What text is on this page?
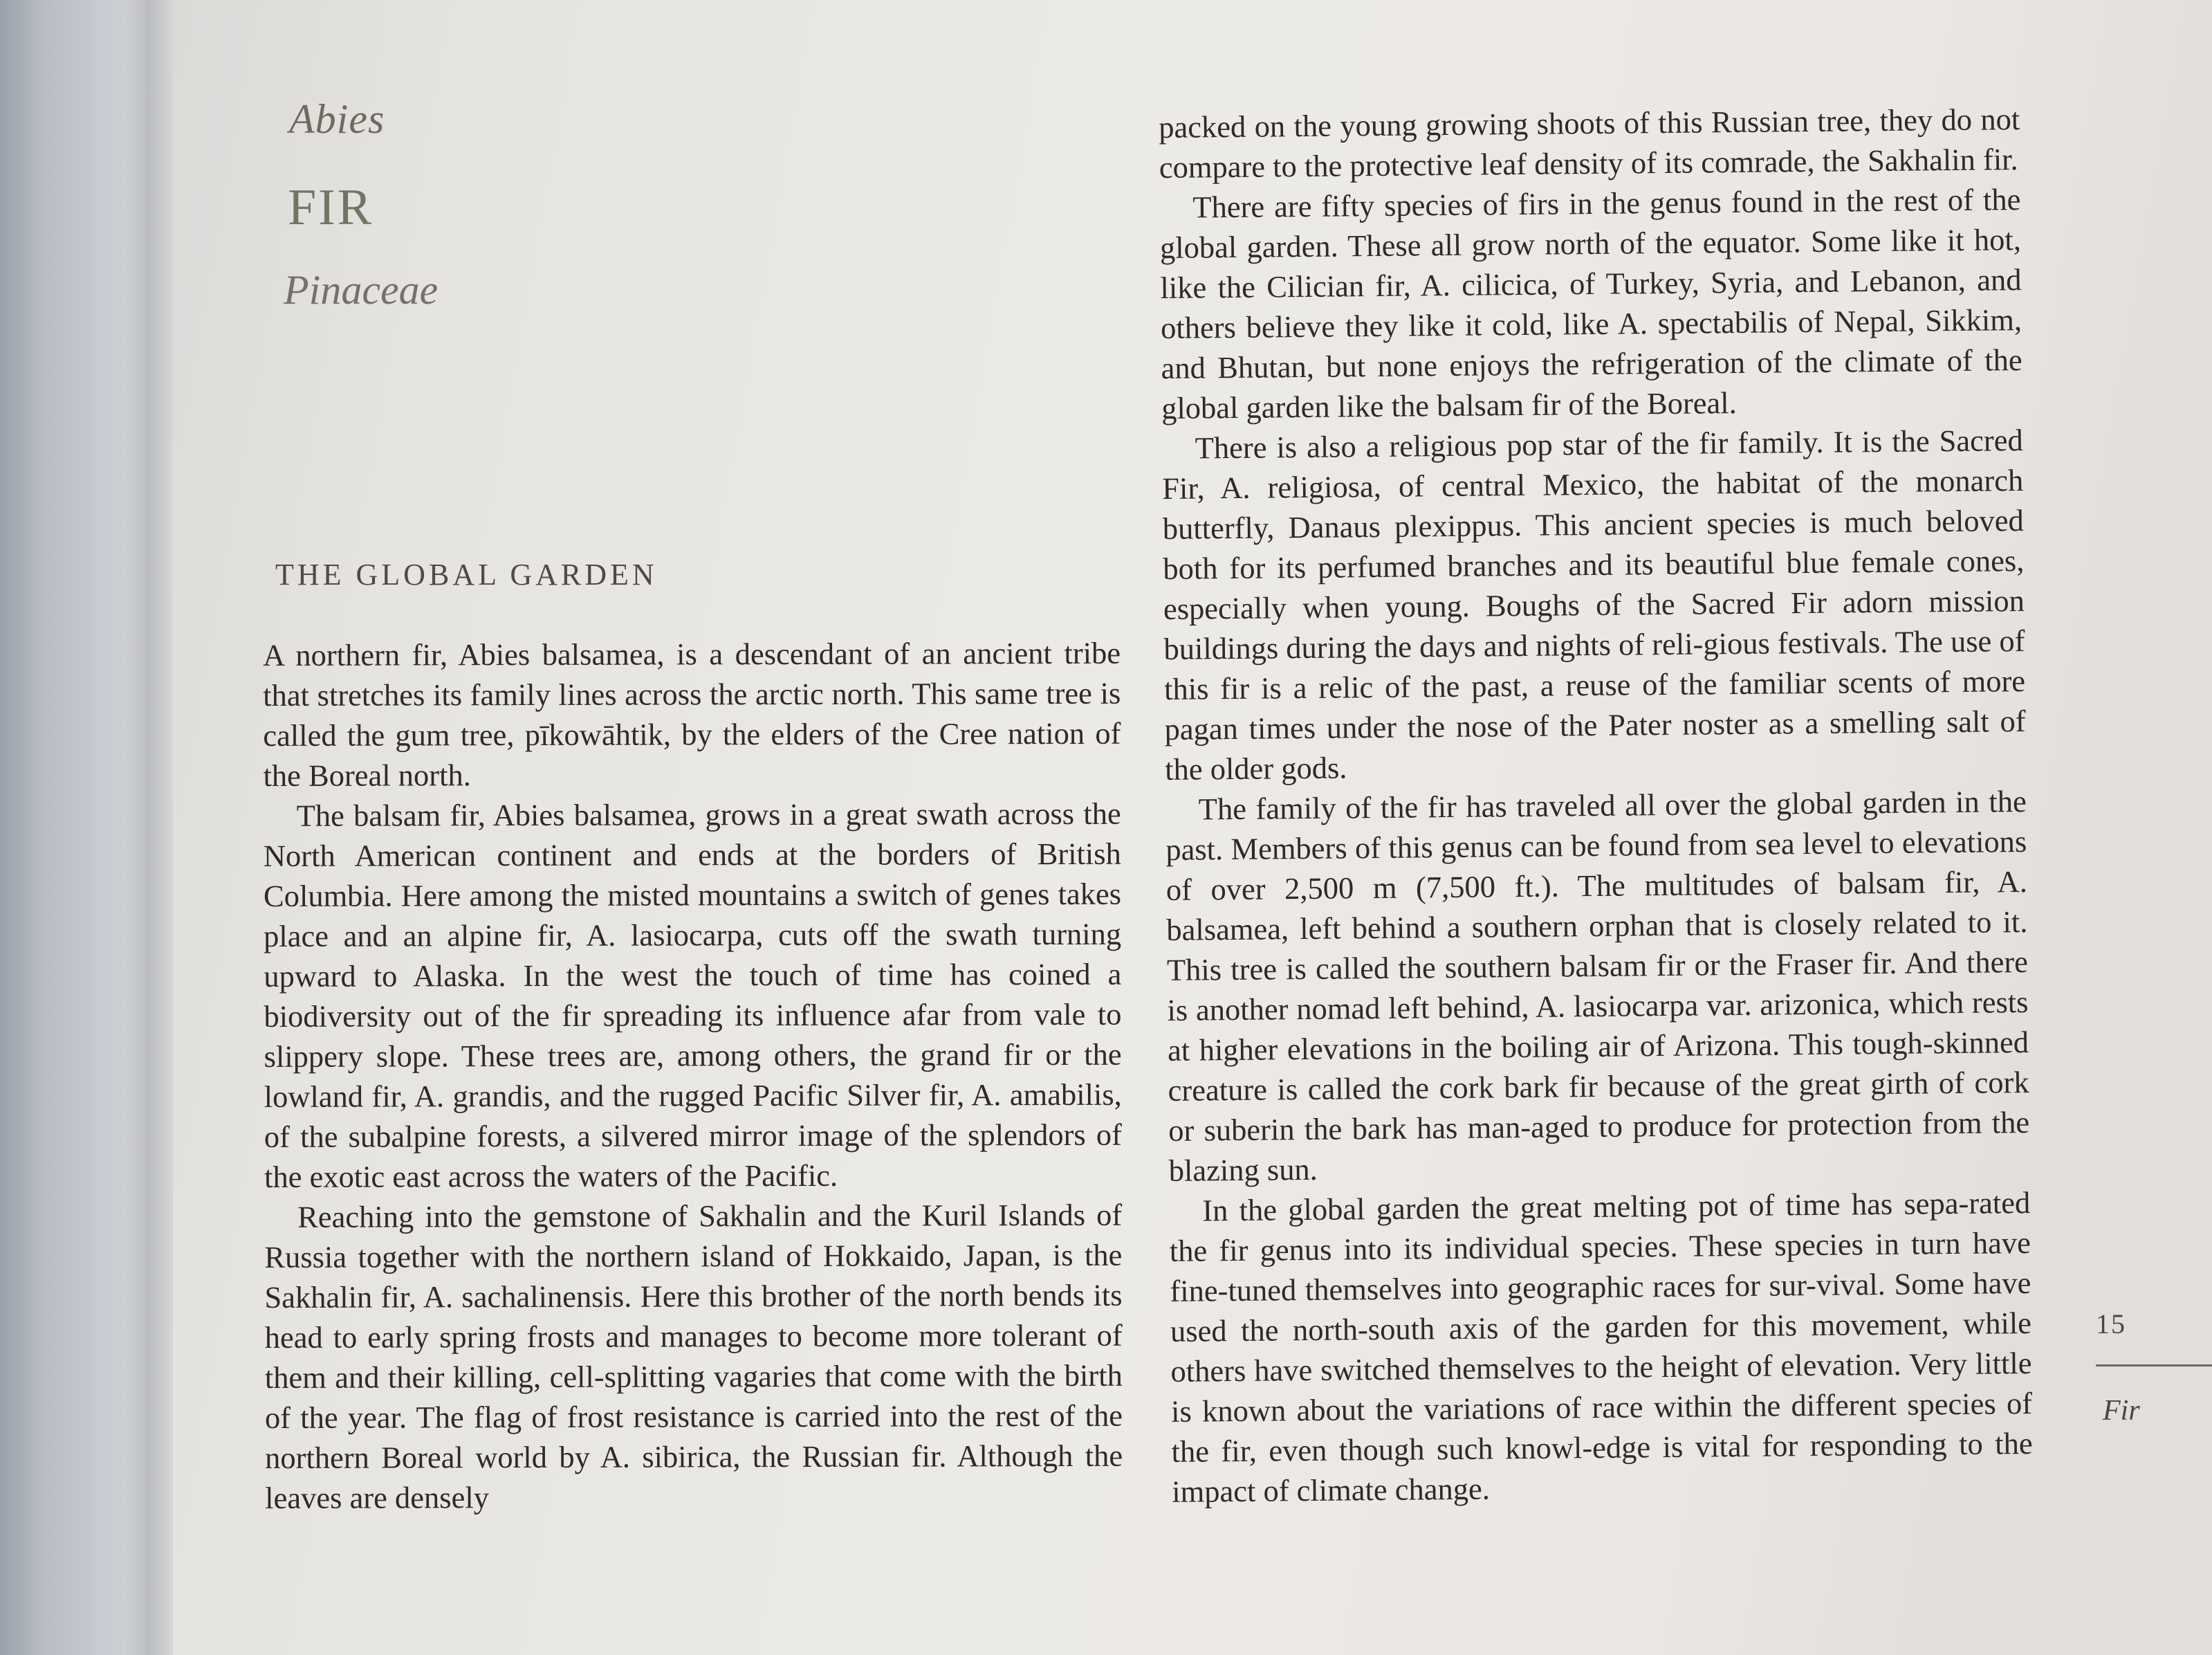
Abies
FIR
Pinaceae
THE GLOBAL GARDEN

A northern fir, Abies balsamea, is a descendant of an ancient tribe that stretches its family lines across the arctic north. This same tree is called the gum tree, pīkowāhtik, by the elders of the Cree nation of the Boreal north.

The balsam fir, Abies balsamea, grows in a great swath across the North American continent and ends at the borders of British Columbia. Here among the misted mountains a switch of genes takes place and an alpine fir, A. lasiocarpa, cuts off the swath turning upward to Alaska. In the west the touch of time has coined a biodiversity out of the fir spreading its influence afar from vale to slippery slope. These trees are, among others, the grand fir or the lowland fir, A. grandis, and the rugged Pacific Silver fir, A. amabilis, of the subalpine forests, a silvered mirror image of the splendors of the exotic east across the waters of the Pacific.

Reaching into the gemstone of Sakhalin and the Kuril Islands of Russia together with the northern island of Hokkaido, Japan, is the Sakhalin fir, A. sachalinensis. Here this brother of the north bends its head to early spring frosts and manages to become more tolerant of them and their killing, cell-splitting vagaries that come with the birth of the year. The flag of frost resistance is carried into the rest of the northern Boreal world by A. sibirica, the Russian fir. Although the leaves are densely

packed on the young growing shoots of this Russian tree, they do not compare to the protective leaf density of its comrade, the Sakhalin fir.

There are fifty species of firs in the genus found in the rest of the global garden. These all grow north of the equator. Some like it hot, like the Cilician fir, A. cilicica, of Turkey, Syria, and Lebanon, and others believe they like it cold, like A. spectabilis of Nepal, Sikkim, and Bhutan, but none enjoys the refrigeration of the climate of the global garden like the balsam fir of the Boreal.

There is also a religious pop star of the fir family. It is the Sacred Fir, A. religiosa, of central Mexico, the habitat of the monarch butterfly, Danaus plexippus. This ancient species is much beloved both for its perfumed branches and its beautiful blue female cones, especially when young. Boughs of the Sacred Fir adorn mission buildings during the days and nights of reli-gious festivals. The use of this fir is a relic of the past, a reuse of the familiar scents of more pagan times under the nose of the Pater noster as a smelling salt of the older gods.

The family of the fir has traveled all over the global garden in the past. Members of this genus can be found from sea level to elevations of over 2,500 m (7,500 ft.). The multitudes of balsam fir, A. balsamea, left behind a southern orphan that is closely related to it. This tree is called the southern balsam fir or the Fraser fir. And there is another nomad left behind, A. lasiocarpa var. arizonica, which rests at higher elevations in the boiling air of Arizona. This tough-skinned creature is called the cork bark fir because of the great girth of cork or suberin the bark has man-aged to produce for protection from the blazing sun.

In the global garden the great melting pot of time has sepa-rated the fir genus into its individual species. These species in turn have fine-tuned themselves into geographic races for sur-vival. Some have used the north-south axis of the garden for this movement, while others have switched themselves to the height of elevation. Very little is known about the variations of race within the different species of the fir, even though such knowl-edge is vital for responding to the impact of climate change.

15
Fir
